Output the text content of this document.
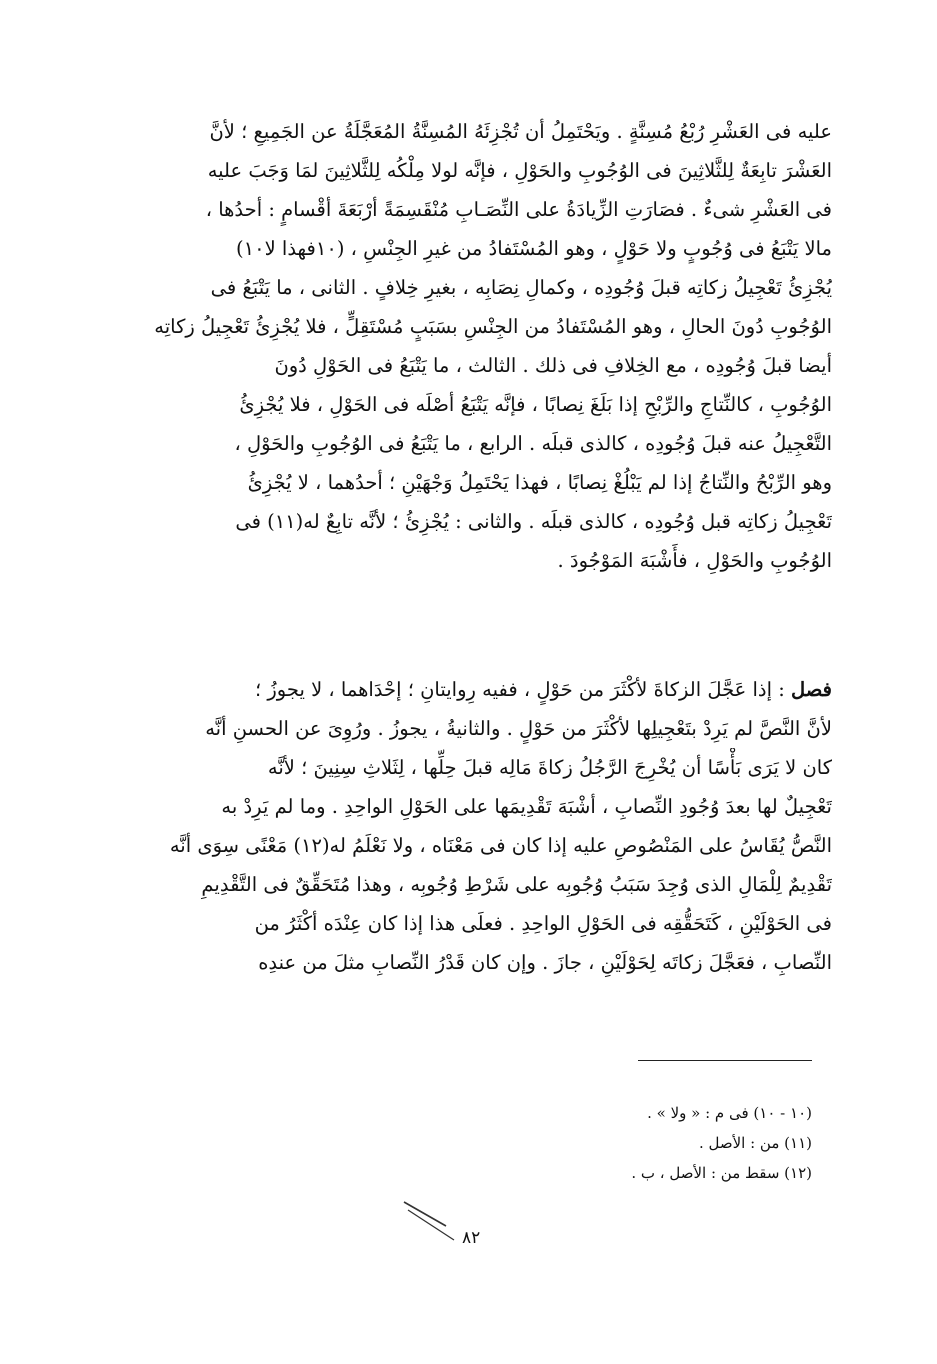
عليه فى العَشْرِ رُبْعُ مُسِنَّةٍ . ويَحْتَمِلُ أن تُجْزِئَهُ المُسِنَّةُ المُعَجَّلَةُ عن الجَمِيعِ ؛ لأنَّ
العَشْرَ تابِعَةٌ لِلثَّلاثِينَ فى الوُجُوبِ والحَوْلِ ، فإنَّه لولا مِلْكُه لِلثَّلاثِينَ لمَا وَجَبَ عليه
فى العَشْرِ شىءٌ . فصَارَتِ الزِّيادَةُ على النِّصَـابِ مُنْقَسِمَةً أرْبَعَةَ أقْسامٍ : أحدُها ،
مالا يَتْبَعُ فى وُجُوبٍ ولا حَوْلٍ ، وهو المُسْتَفادُ من غيرِ الجِنْسِ ، (١٠فهذا لا١٠)
يُجْزِئُ تَعْجِيلُ زكاتِه قبلَ وُجُودِه ، وكمالِ نِصَابِه ، بغيرِ خِلافٍ . الثانى ، ما يَتْبَعُ فى
الوُجُوبِ دُونَ الحالِ ، وهو المُسْتَفادُ من الجِنْسِ بسَبَبٍ مُسْتَقِلٍّ ، فلا يُجْزِئُ تَعْجِيلُ زكاتِه
أيضا قبلَ وُجُودِه ، مع الخِلافِ فى ذلك . الثالث ، ما يَتْبَعُ فى الحَوْلِ دُونَ
الوُجُوبِ ، كالنِّتاجِ والرِّبْحِ إذا بَلَغَ نِصابًا ، فإنَّه يَتْبَعُ أصْلَه فى الحَوْلِ ، فلا يُجْزِئُ
التَّعْجِيلُ عنه قبلَ وُجُودِه ، كالذى قبلَه . الرابع ، ما يَتْبَعُ فى الوُجُوبِ والحَوْلِ ،
وهو الرِّبْحُ والنِّتاجُ إذا لم يَبْلُغْ نِصابًا ، فهذا يَحْتَمِلُ وَجْهَيْنِ ؛ أحدُهما ، لا يُجْزِئُ
تَعْجِيلُ زكاتِه قبل وُجُودِه ، كالذى قبلَه . والثانى : يُجْزِئُ ؛ لأنَّه تابِعٌ له(١١) فى
الوُجُوبِ والحَوْلِ ، فأَشْبَهَ المَوْجُودَ .
فصل : إذا عَجَّلَ الزكاةَ لأكْثَرَ من حَوْلٍ ، ففيه رِوايتانِ ؛ إحْدَاهما ، لا يجوزُ ؛
لأنَّ النَّصَّ لم يَرِدْ بتَعْجِيلِها لأكْثَرَ من حَوْلٍ . والثانيةُ ، يجوزُ . ورُوِىَ عن الحسنِ أنَّه
كان لا يَرَى بَأْسًا أن يُخْرِجَ الرَّجُلُ زكاةَ مَالِه قبلَ حِلِّها ، لِثَلاثِ سِنِينَ ؛ لأنَّه
تَعْجِيلٌ لها بعدَ وُجُودِ النِّصابِ ، أشْبَهَ تَقْدِيمَها على الحَوْلِ الواحِدِ . وما لم يَرِدْ به
النَّصُّ يُقَاسُ على المَنْصُوصِ عليه إذا كان فى مَعْنَاه ، ولا نَعْلَمُ له(١٢) مَعْنًى سِوَى أنَّه
تَقْدِيمٌ لِلْمَالِ الذى وُجِدَ سَبَبُ وُجُوبِه على شَرْطِ وُجُوبِه ، وهذا مُتَحَقِّقٌ فى التَّقْدِيمِ
فى الحَوْلَيْنِ ، كَتَحَقُّقِه فى الحَوْلِ الواحِدِ . فعلَى هذا إذا كان عِنْدَه أكْثَرُ من
النِّصابِ ، فعَجَّلَ زكاتَه لِحَوْلَيْنِ ، جازَ . وإن كان قَدْرُ النِّصابِ مثلَ من عندِه
(١٠ - ١٠) فى م : « ولا » .
(١١) من : الأصل .
(١٢) سقط من : الأصل ، ب .
٨٢
